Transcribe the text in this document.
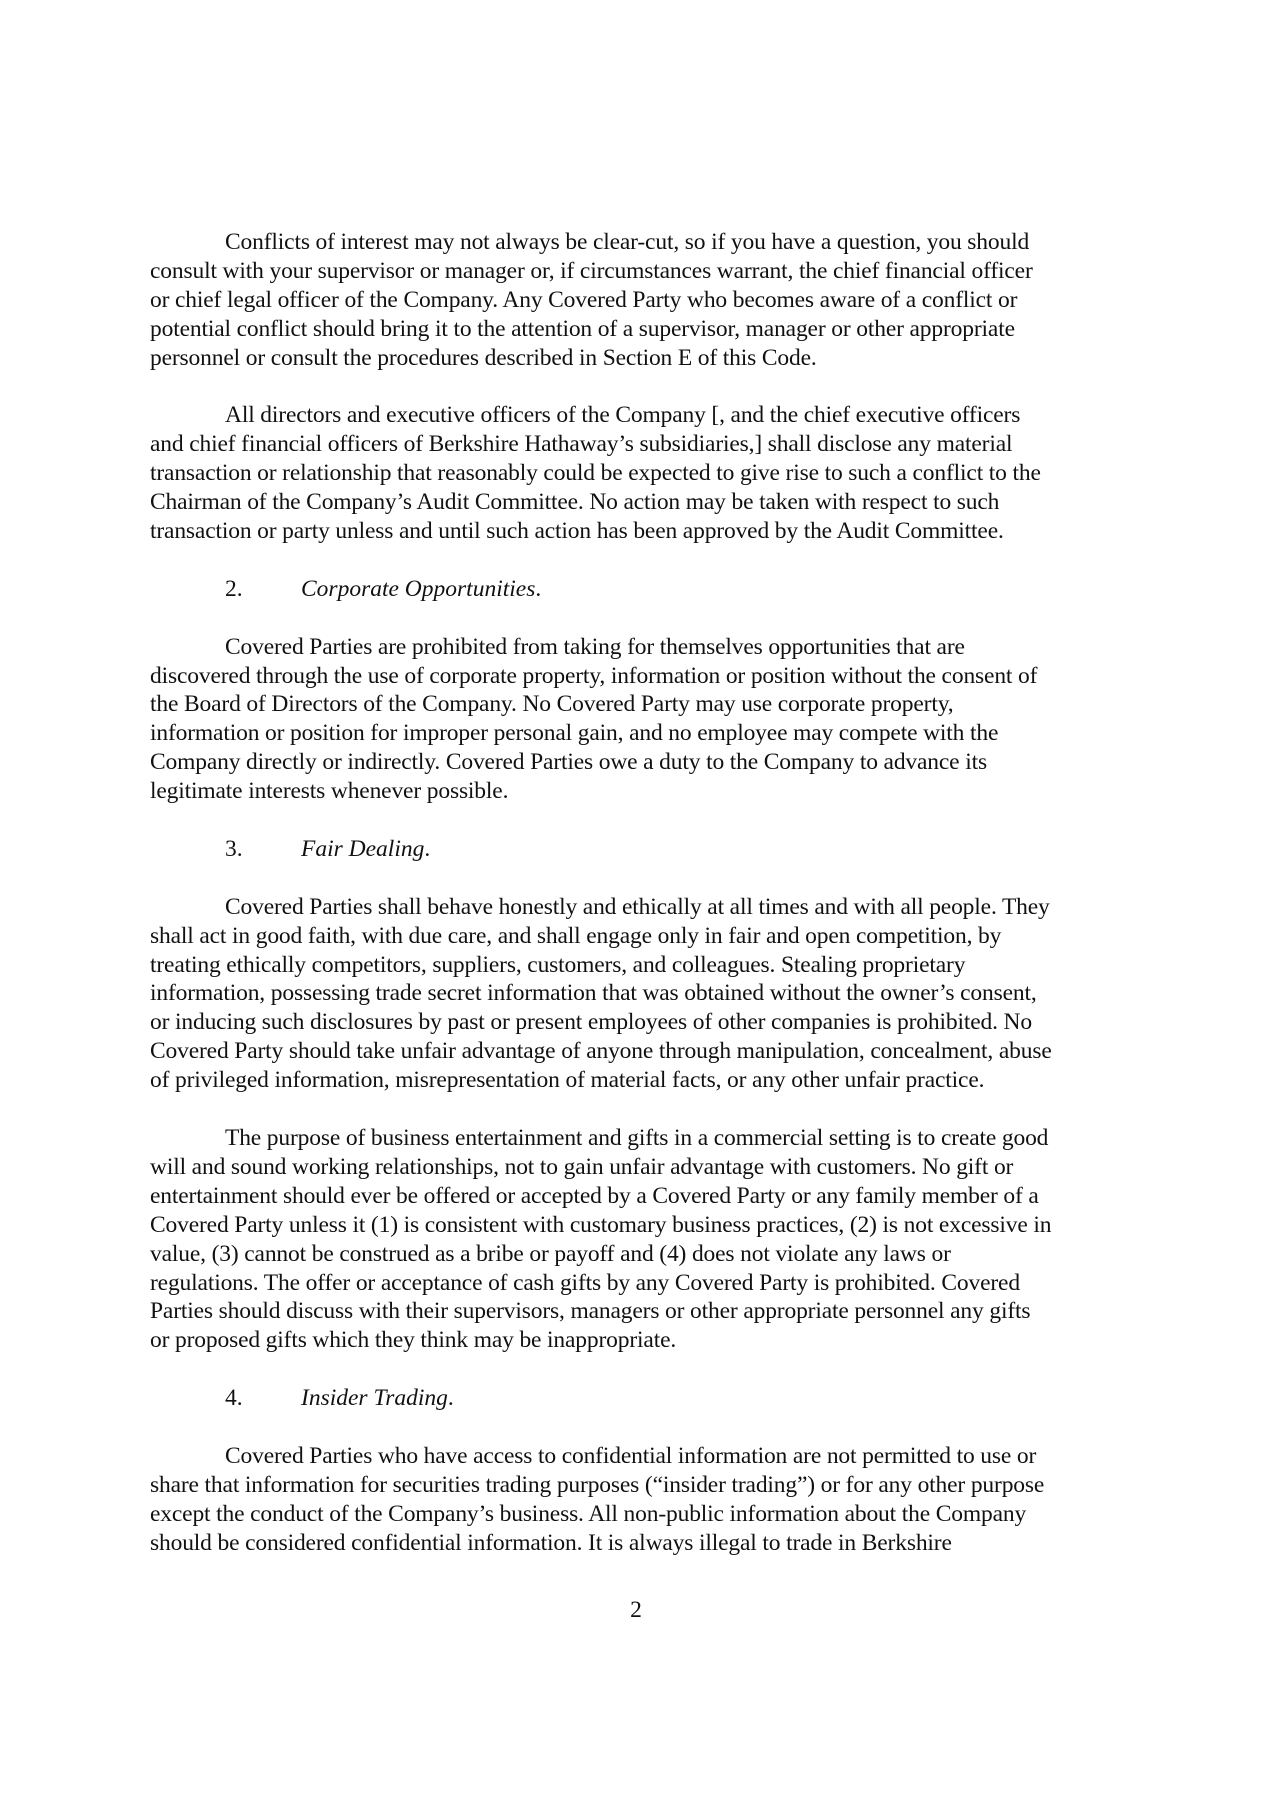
Conflicts of interest may not always be clear-cut, so if you have a question, you should
consult with your supervisor or manager or, if circumstances warrant, the chief financial officer
or chief legal officer of the Company. Any Covered Party who becomes aware of a conflict or
potential conflict should bring it to the attention of a supervisor, manager or other appropriate
personnel or consult the procedures described in Section E of this Code.

All directors and executive officers of the Company [, and the chief executive officers
and chief financial officers of Berkshire Hathaway’s subsidiaries,] shall disclose any material
transaction or relationship that reasonably could be expected to give rise to such a conflict to the
Chairman of the Company’s Audit Committee. No action may be taken with respect to such
transaction or party unless and until such action has been approved by the Audit Committee.

2. Corporate Opportunities.

Covered Parties are prohibited from taking for themselves opportunities that are
discovered through the use of corporate property, information or position without the consent of
the Board of Directors of the Company. No Covered Party may use corporate property,
information or position for improper personal gain, and no employee may compete with the
Company directly or indirectly. Covered Parties owe a duty to the Company to advance its
legitimate interests whenever possible.

3. Fair Dealing.

Covered Parties shall behave honestly and ethically at all times and with all people. They
shall act in good faith, with due care, and shall engage only in fair and open competition, by
treating ethically competitors, suppliers, customers, and colleagues. Stealing proprietary
information, possessing trade secret information that was obtained without the owner’s consent,
or inducing such disclosures by past or present employees of other companies is prohibited. No
Covered Party should take unfair advantage of anyone through manipulation, concealment, abuse
of privileged information, misrepresentation of material facts, or any other unfair practice.

The purpose of business entertainment and gifts in a commercial setting is to create good
will and sound working relationships, not to gain unfair advantage with customers. No gift or
entertainment should ever be offered or accepted by a Covered Party or any family member of a
Covered Party unless it (1) is consistent with customary business practices, (2) is not excessive in
value, (3) cannot be construed as a bribe or payoff and (4) does not violate any laws or
regulations. The offer or acceptance of cash gifts by any Covered Party is prohibited. Covered
Parties should discuss with their supervisors, managers or other appropriate personnel any gifts
or proposed gifts which they think may be inappropriate.

4. Insider Trading.

Covered Parties who have access to confidential information are not permitted to use or
share that information for securities trading purposes (“insider trading”) or for any other purpose
except the conduct of the Company’s business. All non-public information about the Company
should be considered confidential information. It is always illegal to trade in Berkshire

2
